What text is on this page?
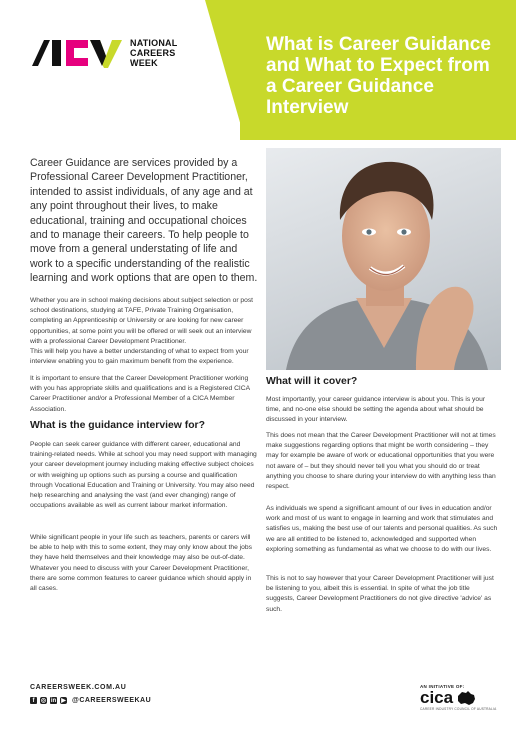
NATIONAL
CAREERS
WEEK
What is Career Guidance and What to Expect from a Career Guidance Interview

Career Guidance are services provided by a Professional Career Development Practitioner, intended to assist individuals, of any age and at any point throughout their lives, to make educational, training and occupational choices and to manage their careers. To help people to move from a general understating of life and work to a specific understanding of the realistic learning and work options that are open to them.

Whether you are in school making decisions about subject selection or post school destinations, studying at TAFE, Private Training Organisation, completing an Apprenticeship or University or are looking for new career opportunities, at some point you will be offered or will seek out an interview with a professional Career Development Practitioner.

This will help you have a better understanding of what to expect from your interview enabling you to gain maximum benefit from the experience.

It is important to ensure that the Career Development Practitioner working with you has appropriate skills and qualifications and is a Registered CICA Career Practitioner and/or a Professional Member of a CICA Member Association.

What is the guidance interview for?

People can seek career guidance with different career, educational and training-related needs. While at school you may need support with managing your career development journey including making effective subject choices or with weighing up options such as pursing a course and qualification through Vocational Education and Training or University. You may also need help researching and analysing the vast (and ever changing) range of occupations available as well as current labour market information.

While significant people in your life such as teachers, parents or carers will be able to help with this to some extent, they may only know about the jobs they have held themselves and their knowledge may also be out-of-date. Whatever you need to discuss with your Career Development Practitioner, there are some common features to career guidance which should apply in all cases.

What will it cover?

Most importantly, your career guidance interview is about you. This is your time, and no-one else should be setting the agenda about what should be discussed in your interview.

This does not mean that the Career Development Practitioner will not at times make suggestions regarding options that might be worth considering – they may for example be aware of work or educational opportunities that you were not aware of – but they should never tell you what you should do or treat anything you choose to share during your interview do with anything less than respect.

As individuals we spend a significant amount of our lives in education and/or work and most of us want to engage in learning and work that stimulates and satisfies us, making the best use of our talents and personal qualities. As such we are all entitled to be listened to, acknowledged and supported when exploring something as fundamental as what we choose to do with our lives.

This is not to say however that your Career Development Practitioner will just be listening to you, albeit this is essential. In spite of what the job title suggests, Career Development Practitioners do not give directive 'advice' as such.

CAREERSWEEK.COM.AU
f	◎ in ▶ @CAREERSWEEKAU
AN INITIATIVE OF:
cica
CAREER INDUSTRY COUNCIL OF AUSTRALIA
